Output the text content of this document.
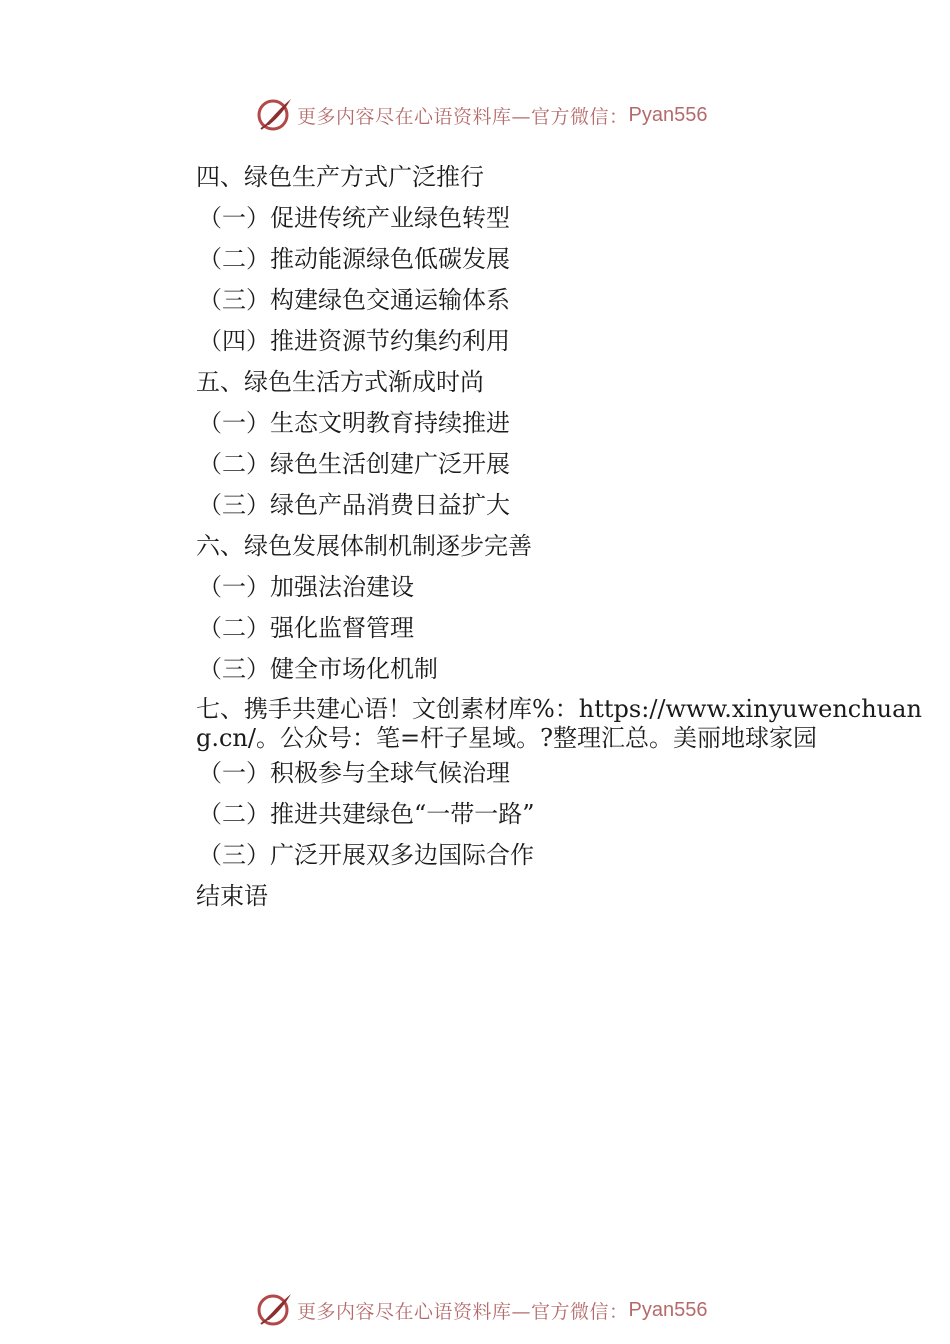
更多内容尽在心语资料库—官方微信： Pyan556
四、绿色生产方式广泛推行
（一）促进传统产业绿色转型
（二）推动能源绿色低碳发展
（三）构建绿色交通运输体系
（四）推进资源节约集约利用
五、绿色生活方式渐成时尚
（一）生态文明教育持续推进
（二）绿色生活创建广泛开展
（三）绿色产品消费日益扩大
六、绿色发展体制机制逐步完善
（一）加强法治建设
（二）强化监督管理
（三）健全市场化机制
七、携手共建心语！文创素材库%：https://www.xinyuwenchuang.cn/。公众号：笔=杆子星域。?整理汇总。美丽地球家园
（一）积极参与全球气候治理
（二）推进共建绿色“一带一路”
（三）广泛开展双多边国际合作
结束语
更多内容尽在心语资料库—官方微信： Pyan556
